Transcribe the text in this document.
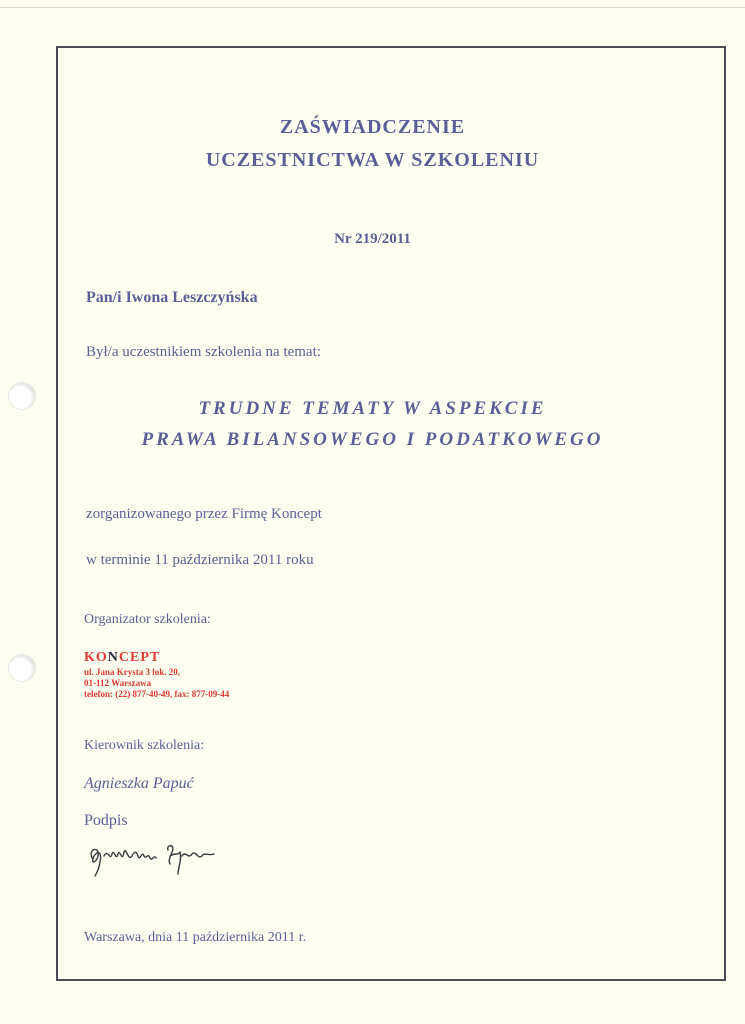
ZAŚWIADCZENIE
UCZESTNICTWA W SZKOLENIU
Nr 219/2011
Pan/i Iwona Leszczyńska
Był/a uczestnikiem szkolenia na temat:
TRUDNE TEMATY W ASPEKCIE
PRAWA BILANSOWEGO I PODATKOWEGO
zorganizowanego przez Firmę Koncept
w terminie 11 października 2011 roku
Organizator szkolenia:
KONCEPT
ul. Jana Krysta 3 lok. 20,
01-112 Warszawa
telefon: (22) 877-40-49, fax: 877-09-44
Kierownik szkolenia:
Agnieszka Papuć
Podpis
Warszawa, dnia 11 października 2011 r.
